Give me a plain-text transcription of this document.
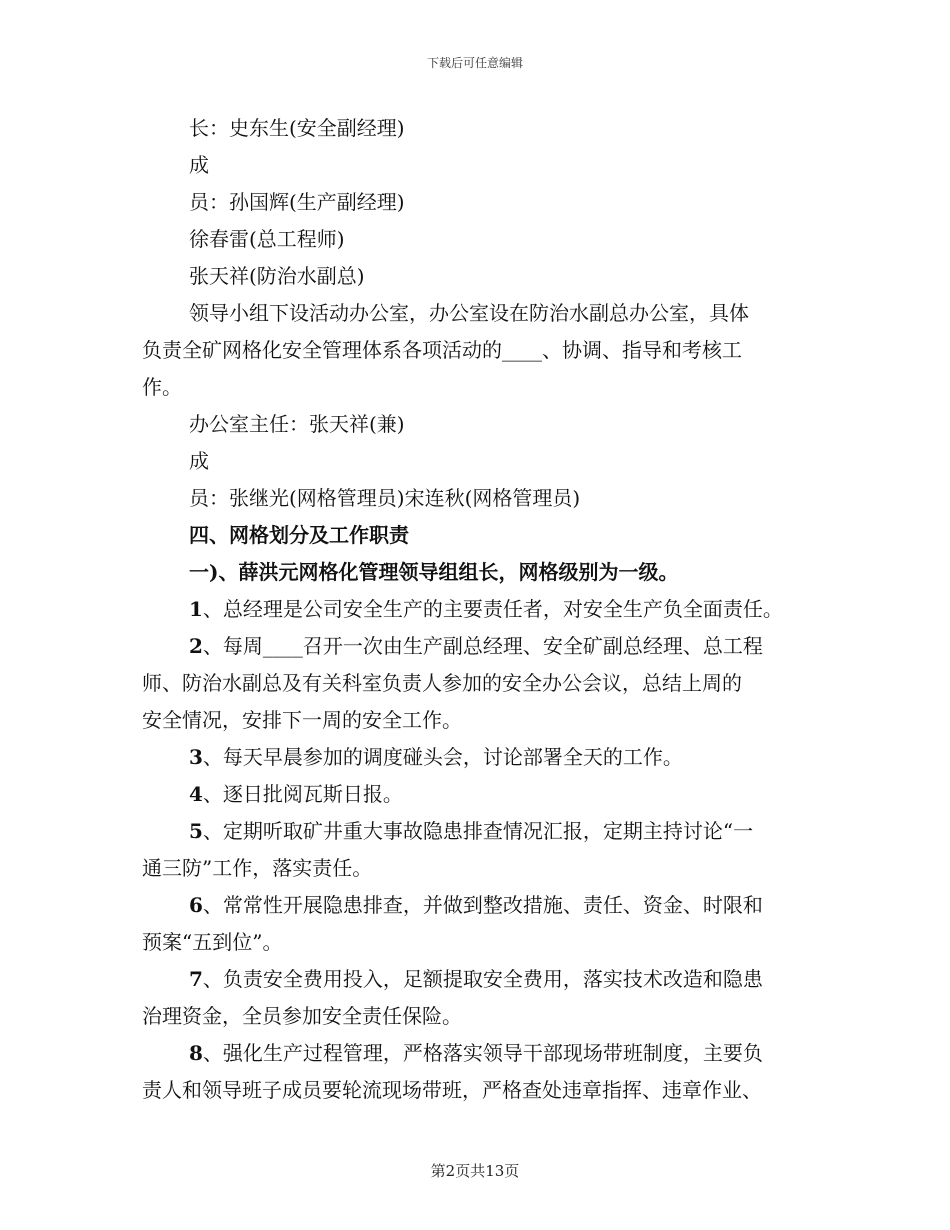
下载后可任意编辑
长：史东生(安全副经理)
成
员：孙国辉(生产副经理)
徐春雷(总工程师)
张天祥(防治水副总)
领导小组下设活动办公室，办公室设在防治水副总办公室，具体
负责全矿网格化安全管理体系各项活动的____、协调、指导和考核工
作。
办公室主任：张天祥(兼)
成
员：张继光(网格管理员)宋连秋(网格管理员)
四、网格划分及工作职责
一)、薛洪元网格化管理领导组组长，网格级别为一级。
1、总经理是公司安全生产的主要责任者，对安全生产负全面责任。
2、每周____召开一次由生产副总经理、安全矿副总经理、总工程
师、防治水副总及有关科室负责人参加的安全办公会议，总结上周的
安全情况，安排下一周的安全工作。
3、每天早晨参加的调度碰头会，讨论部署全天的工作。
4、逐日批阅瓦斯日报。
5、定期听取矿井重大事故隐患排查情况汇报，定期主持讨论“一
通三防”工作，落实责任。
6、常常性开展隐患排查，并做到整改措施、责任、资金、时限和
预案“五到位”。
7、负责安全费用投入，足额提取安全费用，落实技术改造和隐患
治理资金，全员参加安全责任保险。
8、强化生产过程管理，严格落实领导干部现场带班制度，主要负
责人和领导班子成员要轮流现场带班，严格查处违章指挥、违章作业、
第2页共13页
